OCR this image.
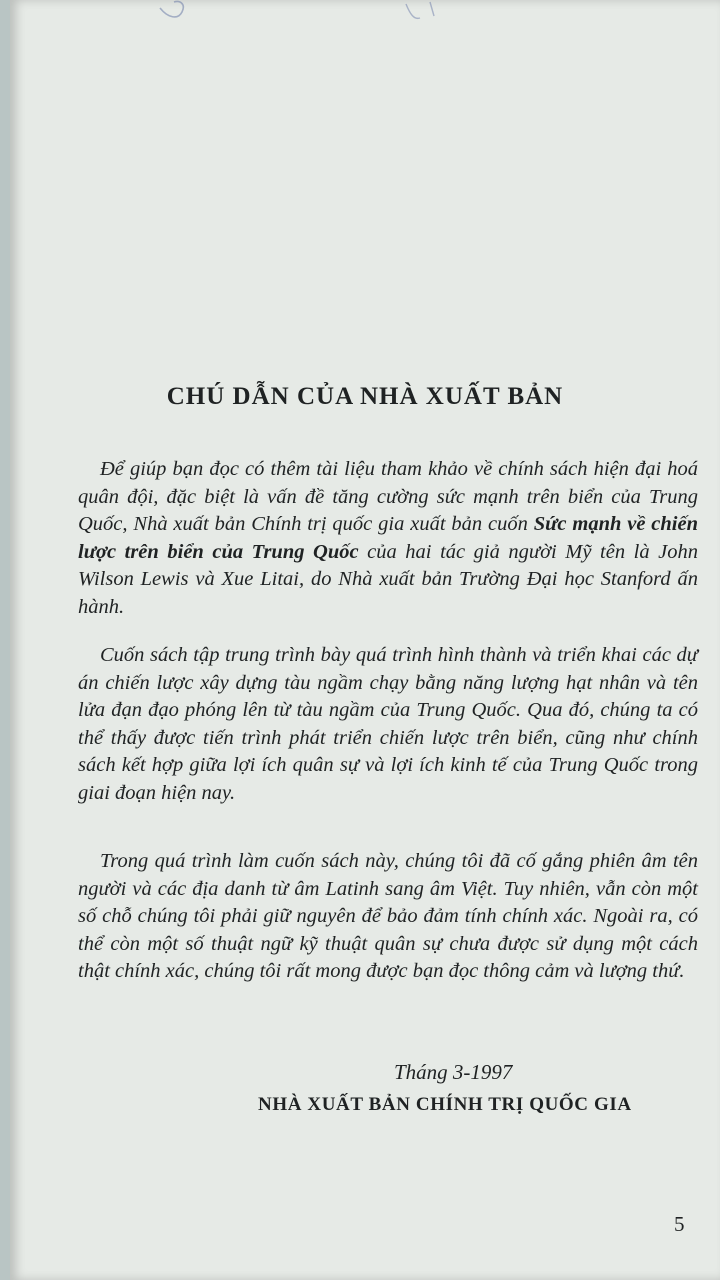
CHÚ DẪN CỦA NHÀ XUẤT BẢN
Để giúp bạn đọc có thêm tài liệu tham khảo về chính sách hiện đại hoá quân đội, đặc biệt là vấn đề tăng cường sức mạnh trên biển của Trung Quốc, Nhà xuất bản Chính trị quốc gia xuất bản cuốn Sức mạnh về chiến lược trên biển của Trung Quốc của hai tác giả người Mỹ tên là John Wilson Lewis và Xue Litai, do Nhà xuất bản Trường Đại học Stanford ấn hành.
Cuốn sách tập trung trình bày quá trình hình thành và triển khai các dự án chiến lược xây dựng tàu ngầm chạy bằng năng lượng hạt nhân và tên lửa đạn đạo phóng lên từ tàu ngầm của Trung Quốc. Qua đó, chúng ta có thể thấy được tiến trình phát triển chiến lược trên biển, cũng như chính sách kết hợp giữa lợi ích quân sự và lợi ích kinh tế của Trung Quốc trong giai đoạn hiện nay.
Trong quá trình làm cuốn sách này, chúng tôi đã cố gắng phiên âm tên người và các địa danh từ âm Latinh sang âm Việt. Tuy nhiên, vẫn còn một số chỗ chúng tôi phải giữ nguyên để bảo đảm tính chính xác. Ngoài ra, có thể còn một số thuật ngữ kỹ thuật quân sự chưa được sử dụng một cách thật chính xác, chúng tôi rất mong được bạn đọc thông cảm và lượng thứ.
Tháng 3-1997
NHÀ XUẤT BẢN CHÍNH TRỊ QUỐC GIA
5
